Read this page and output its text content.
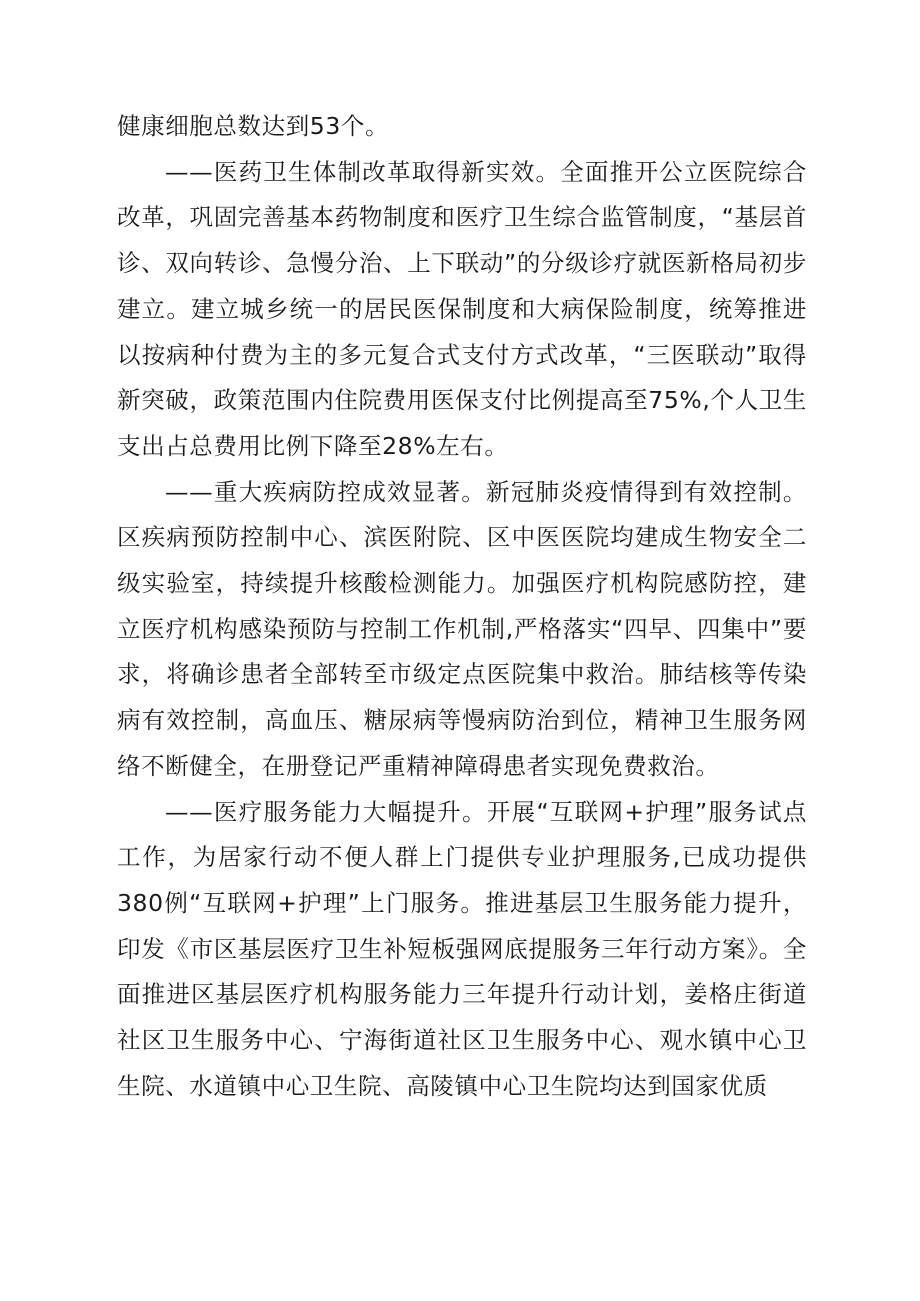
健康细胞总数达到53个。

——医药卫生体制改革取得新实效。全面推开公立医院综合改革，巩固完善基本药物制度和医疗卫生综合监管制度，“基层首诊、双向转诊、急慢分治、上下联动”的分级诊疗就医新格局初步建立。建立城乡统一的居民医保制度和大病保险制度，统筹推进以按病种付费为主的多元复合式支付方式改革，“三医联动”取得新突破，政策范围内住院费用医保支付比例提高至75%,个人卫生支出占总费用比例下降至28%左右。

——重大疾病防控成效显著。新冠肺炎疫情得到有效控制。区疾病预防控制中心、滨医附院、区中医医院均建成生物安全二级实验室，持续提升核酸检测能力。加强医疗机构院感防控，建立医疗机构感染预防与控制工作机制,严格落实“四早、四集中”要求，将确诊患者全部转至市级定点医院集中救治。肺结核等传染病有效控制，高血压、糖尿病等慢病防治到位，精神卫生服务网络不断健全，在册登记严重精神障碍患者实现免费救治。

——医疗服务能力大幅提升。开展“互联网+护理”服务试点工作，为居家行动不便人群上门提供专业护理服务,已成功提供380例“互联网+护理”上门服务。推进基层卫生服务能力提升，印发《市区基层医疗卫生补短板强网底提服务三年行动方案》。全面推进区基层医疗机构服务能力三年提升行动计划，姜格庄街道社区卫生服务中心、宁海街道社区卫生服务中心、观水镇中心卫生院、水道镇中心卫生院、高陵镇中心卫生院均达到国家优质
